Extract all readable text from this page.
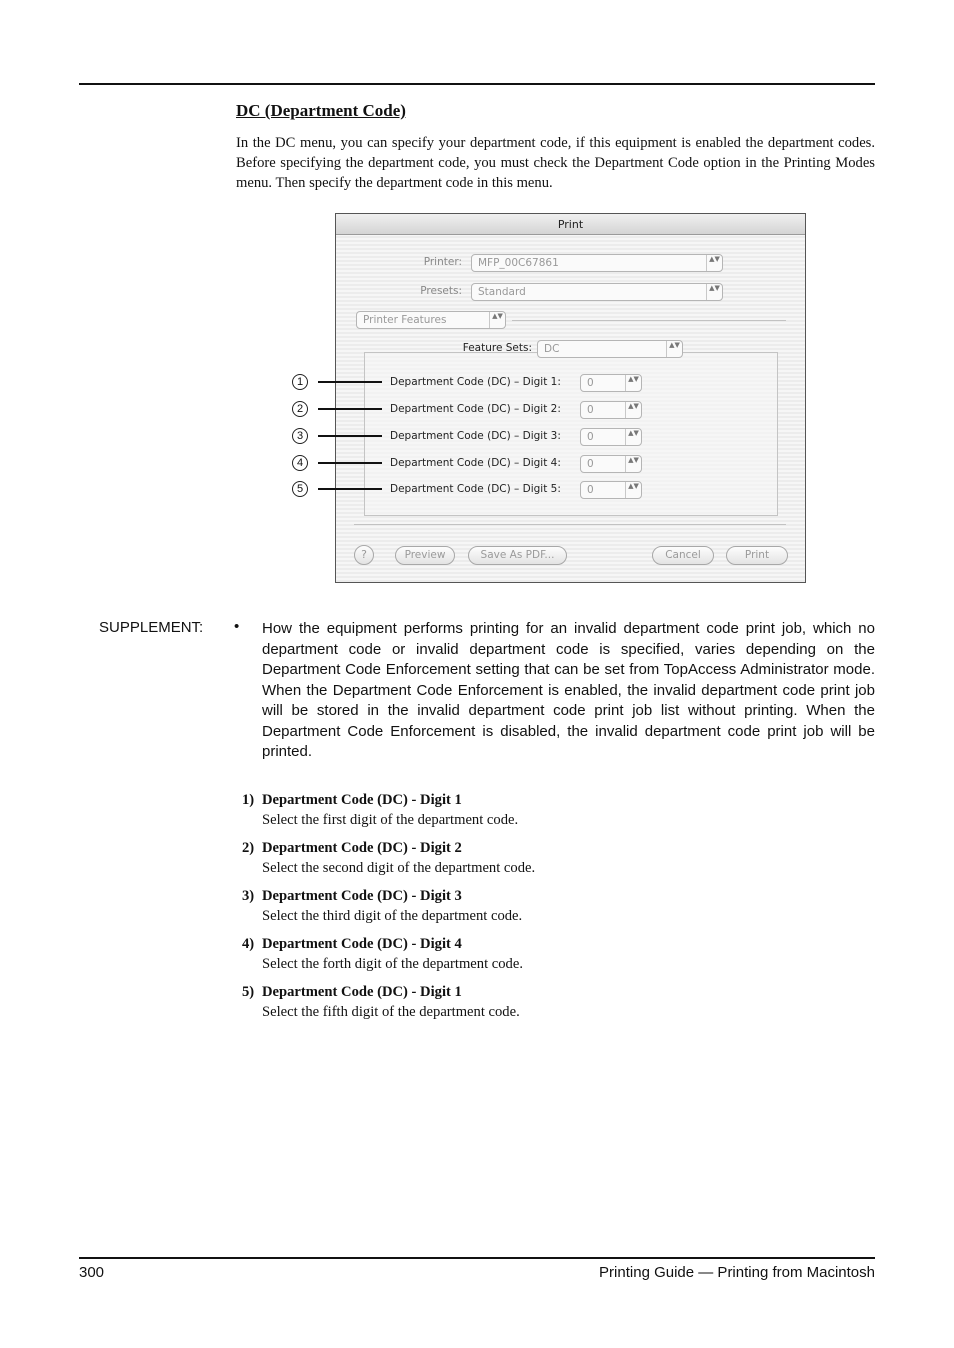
DC (Department Code)
In the DC menu, you can specify your department code, if this equipment is enabled the department codes. Before specifying the department code, you must check the Department Code option in the Printing Modes menu. Then specify the department code in this menu.
Print
Printer:	MFP_00C67861	▲▼
Presets:	Standard	▲▼
Printer Features	▲▼
Feature Sets:	DC	▲▼
Department Code (DC) – Digit 1:	0	▲▼
Department Code (DC) – Digit 2:	0	▲▼
Department Code (DC) – Digit 3:	0	▲▼
Department Code (DC) – Digit 4:	0	▲▼
Department Code (DC) – Digit 5:	0	▲▼
?	Preview	Save As PDF...	Cancel	Print
1
2
3
4
5
SUPPLEMENT: • How the equipment performs printing for an invalid department code print job, which no department code or invalid department code is specified, varies depending on the Department Code Enforcement setting that can be set from TopAccess Administrator mode. When the Department Code Enforcement is enabled, the invalid department code print job will be stored in the invalid department code print job list without printing. When the Department Code Enforcement is disabled, the invalid department code print job will be printed.
1) Department Code (DC) - Digit 1
Select the first digit of the department code.
2) Department Code (DC) - Digit 2
Select the second digit of the department code.
3) Department Code (DC) - Digit 3
Select the third digit of the department code.
4) Department Code (DC) - Digit 4
Select the forth digit of the department code.
5) Department Code (DC) - Digit 1
Select the fifth digit of the department code.
300	Printing Guide — Printing from Macintosh
